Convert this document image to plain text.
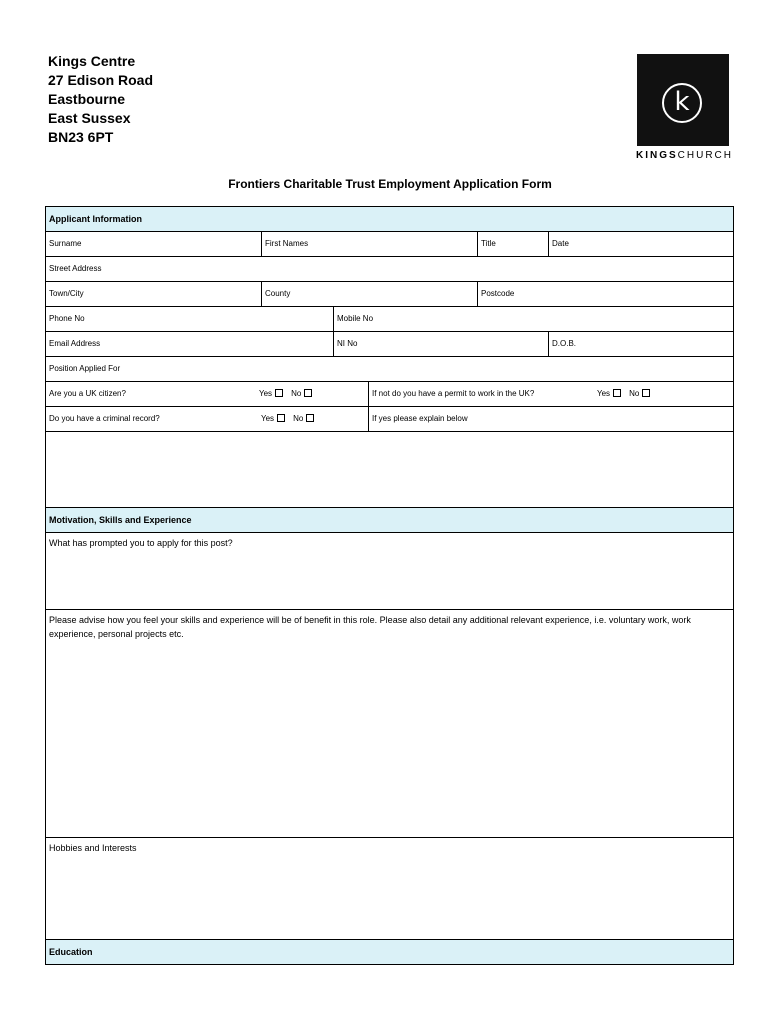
Kings Centre
27 Edison Road
Eastbourne
East Sussex
BN23 6PT
k
KINGSCHURCH
Frontiers Charitable Trust Employment Application Form
Applicant Information
Surname	First Names	Title	Date
Street Address
Town/City	County	Postcode
Phone No	Mobile No
Email Address	NI No	D.O.B.
Position Applied For
Are you a UK citizen?	Yes No	If not do you have a permit to work in the UK?	Yes No
Do you have a criminal record?	Yes No	If yes please explain below
Motivation, Skills and Experience
What has prompted you to apply for this post?
Please advise how you feel your skills and experience will be of benefit in this role. Please also detail any additional relevant experience, i.e. voluntary work, work experience, personal projects etc.
Hobbies and Interests
Education
